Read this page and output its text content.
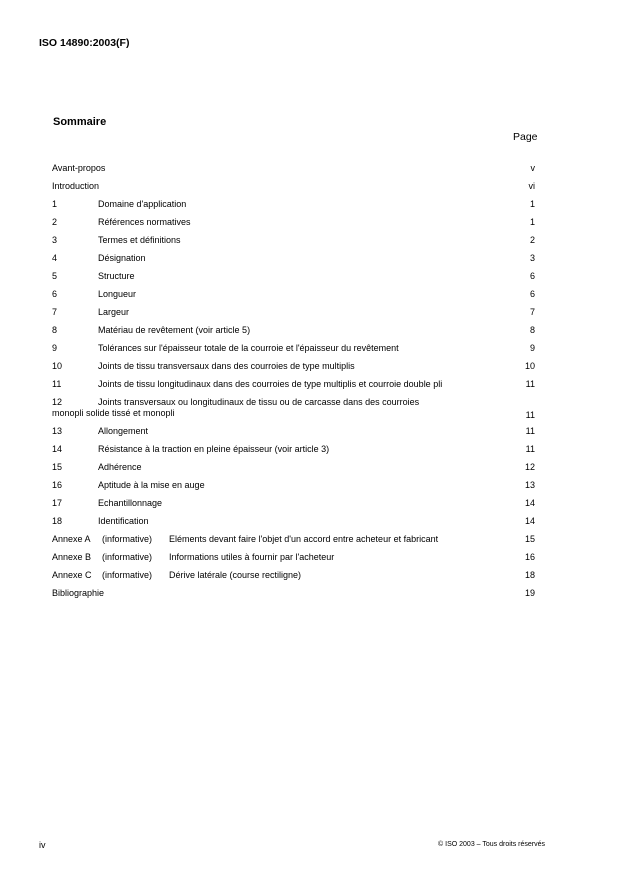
ISO 14890:2003(F)
Sommaire
Page
Avant-propos	v
Introduction	vi
1	Domaine d'application	1
2	Références normatives	1
3	Termes et définitions	2
4	Désignation	3
5	Structure	6
6	Longueur	6
7	Largeur	7
8	Matériau de revêtement (voir article 5)	8
9	Tolérances sur l'épaisseur totale de la courroie et l'épaisseur du revêtement	9
10	Joints de tissu transversaux dans des courroies de type multiplis	10
11	Joints de tissu longitudinaux dans des courroies de type multiplis et courroie double pli	11
12	Joints transversaux ou longitudinaux de tissu ou de carcasse dans des courroies
monopli solide tissé et monopli	11
13	Allongement	11
14	Résistance à la traction en pleine épaisseur (voir article 3)	11
15	Adhérence	12
16	Aptitude à la mise en auge	13
17	Echantillonnage	14
18	Identification	14
Annexe A (informative) Eléments devant faire l'objet d'un accord entre acheteur et fabricant	15
Annexe B (informative) Informations utiles à fournir par l'acheteur	16
Annexe C (informative) Dérive latérale (course rectiligne)	18
Bibliographie	19
iv	© ISO 2003 – Tous droits réservés
